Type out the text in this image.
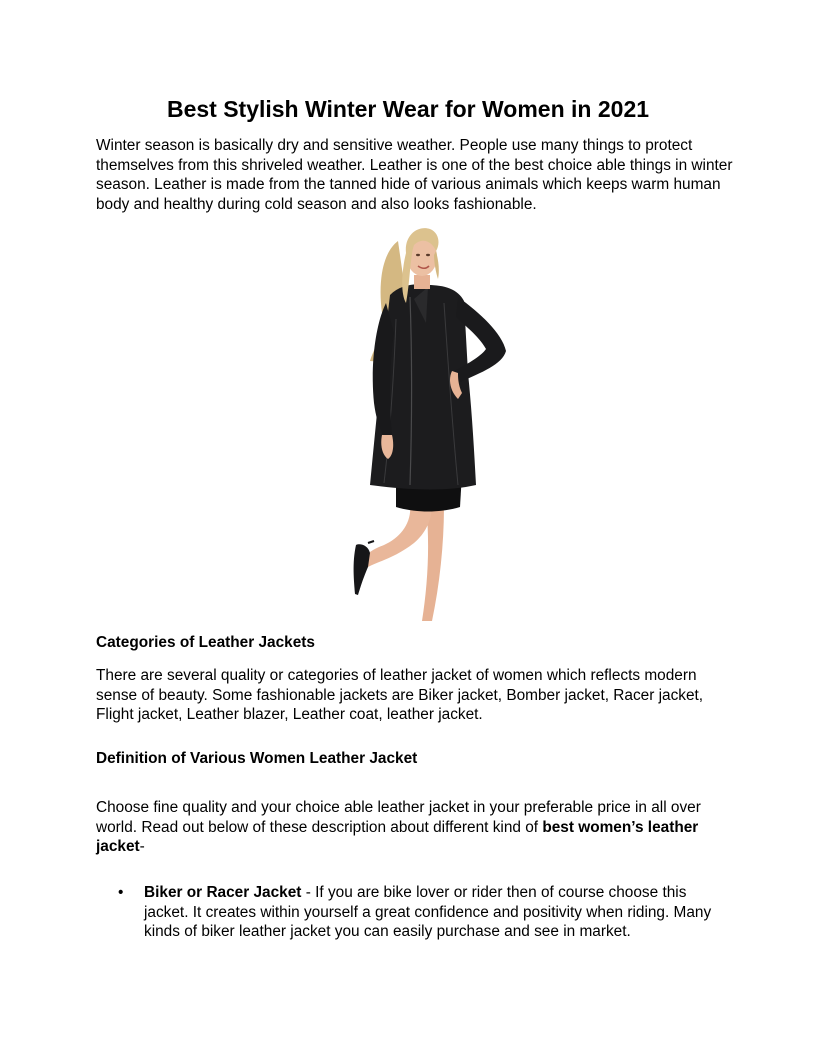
Best Stylish Winter Wear for Women in 2021

Winter season is basically dry and sensitive weather. People use many things to protect themselves from this shriveled weather. Leather is one of the best choice able things in winter season. Leather is made from the tanned hide of various animals which keeps warm human body and healthy during cold season and also looks fashionable.

Categories of Leather Jackets

There are several quality or categories of leather jacket of women which reflects modern sense of beauty. Some fashionable jackets are Biker jacket, Bomber jacket, Racer jacket, Flight jacket, Leather blazer, Leather coat, leather jacket.

Definition of Various Women Leather Jacket

Choose fine quality and your choice able leather jacket in your preferable price in all over world. Read out below of these description about different kind of best women’s leather jacket-

• Biker or Racer Jacket - If you are bike lover or rider then of course choose this jacket. It creates within yourself a great confidence and positivity when riding. Many kinds of biker leather jacket you can easily purchase and see in market.
